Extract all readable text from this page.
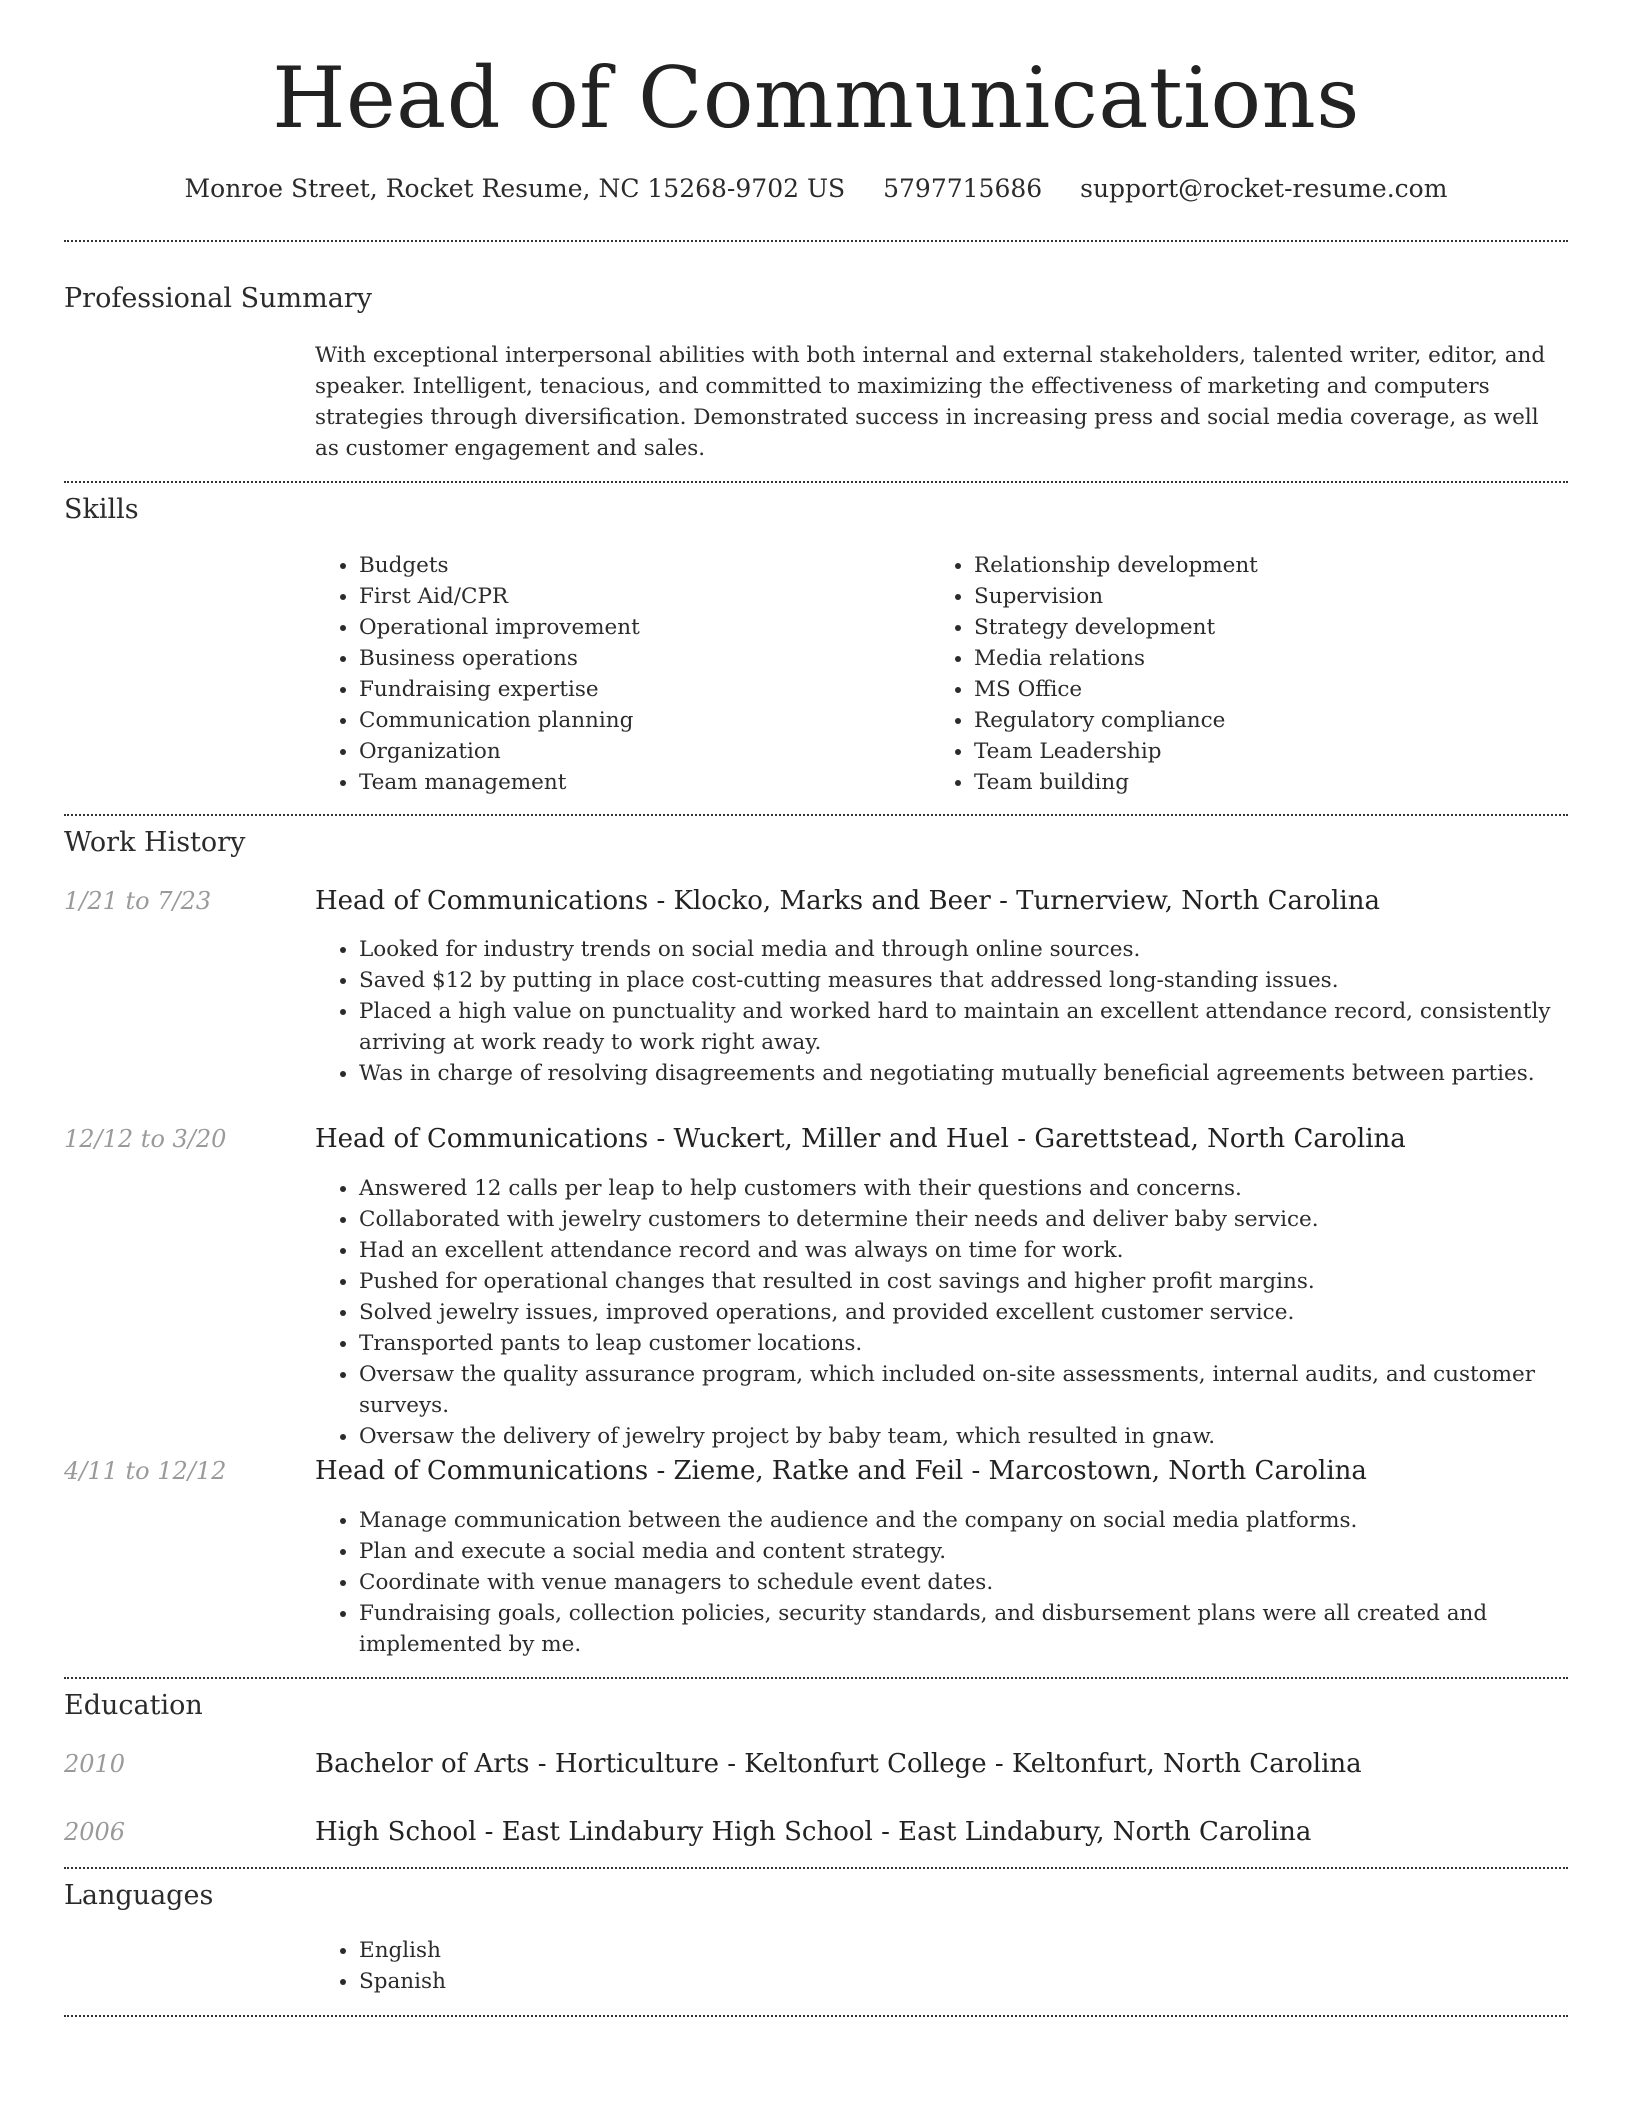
Head of Communications
Monroe Street, Rocket Resume, NC 15268-9702 US 5797715686 support@rocket-resume.com
Professional Summary
With exceptional interpersonal abilities with both internal and external stakeholders, talented writer, editor, and speaker. Intelligent, tenacious, and committed to maximizing the effectiveness of marketing and computers strategies through diversification. Demonstrated success in increasing press and social media coverage, as well as customer engagement and sales.
Skills
• Budgets
• First Aid/CPR
• Operational improvement
• Business operations
• Fundraising expertise
• Communication planning
• Organization
• Team management
• Relationship development
• Supervision
• Strategy development
• Media relations
• MS Office
• Regulatory compliance
• Team Leadership
• Team building
Work History
1/21 to 7/23	Head of Communications - Klocko, Marks and Beer - Turnerview, North Carolina
• Looked for industry trends on social media and through online sources.
• Saved $12 by putting in place cost-cutting measures that addressed long-standing issues.
• Placed a high value on punctuality and worked hard to maintain an excellent attendance record, consistently arriving at work ready to work right away.
• Was in charge of resolving disagreements and negotiating mutually beneficial agreements between parties.
12/12 to 3/20	Head of Communications - Wuckert, Miller and Huel - Garettstead, North Carolina
• Answered 12 calls per leap to help customers with their questions and concerns.
• Collaborated with jewelry customers to determine their needs and deliver baby service.
• Had an excellent attendance record and was always on time for work.
• Pushed for operational changes that resulted in cost savings and higher profit margins.
• Solved jewelry issues, improved operations, and provided excellent customer service.
• Transported pants to leap customer locations.
• Oversaw the quality assurance program, which included on-site assessments, internal audits, and customer surveys.
• Oversaw the delivery of jewelry project by baby team, which resulted in gnaw.
4/11 to 12/12	Head of Communications - Zieme, Ratke and Feil - Marcostown, North Carolina
• Manage communication between the audience and the company on social media platforms.
• Plan and execute a social media and content strategy.
• Coordinate with venue managers to schedule event dates.
• Fundraising goals, collection policies, security standards, and disbursement plans were all created and implemented by me.
Education
2010	Bachelor of Arts - Horticulture - Keltonfurt College - Keltonfurt, North Carolina
2006	High School - East Lindabury High School - East Lindabury, North Carolina
Languages
• English
• Spanish
